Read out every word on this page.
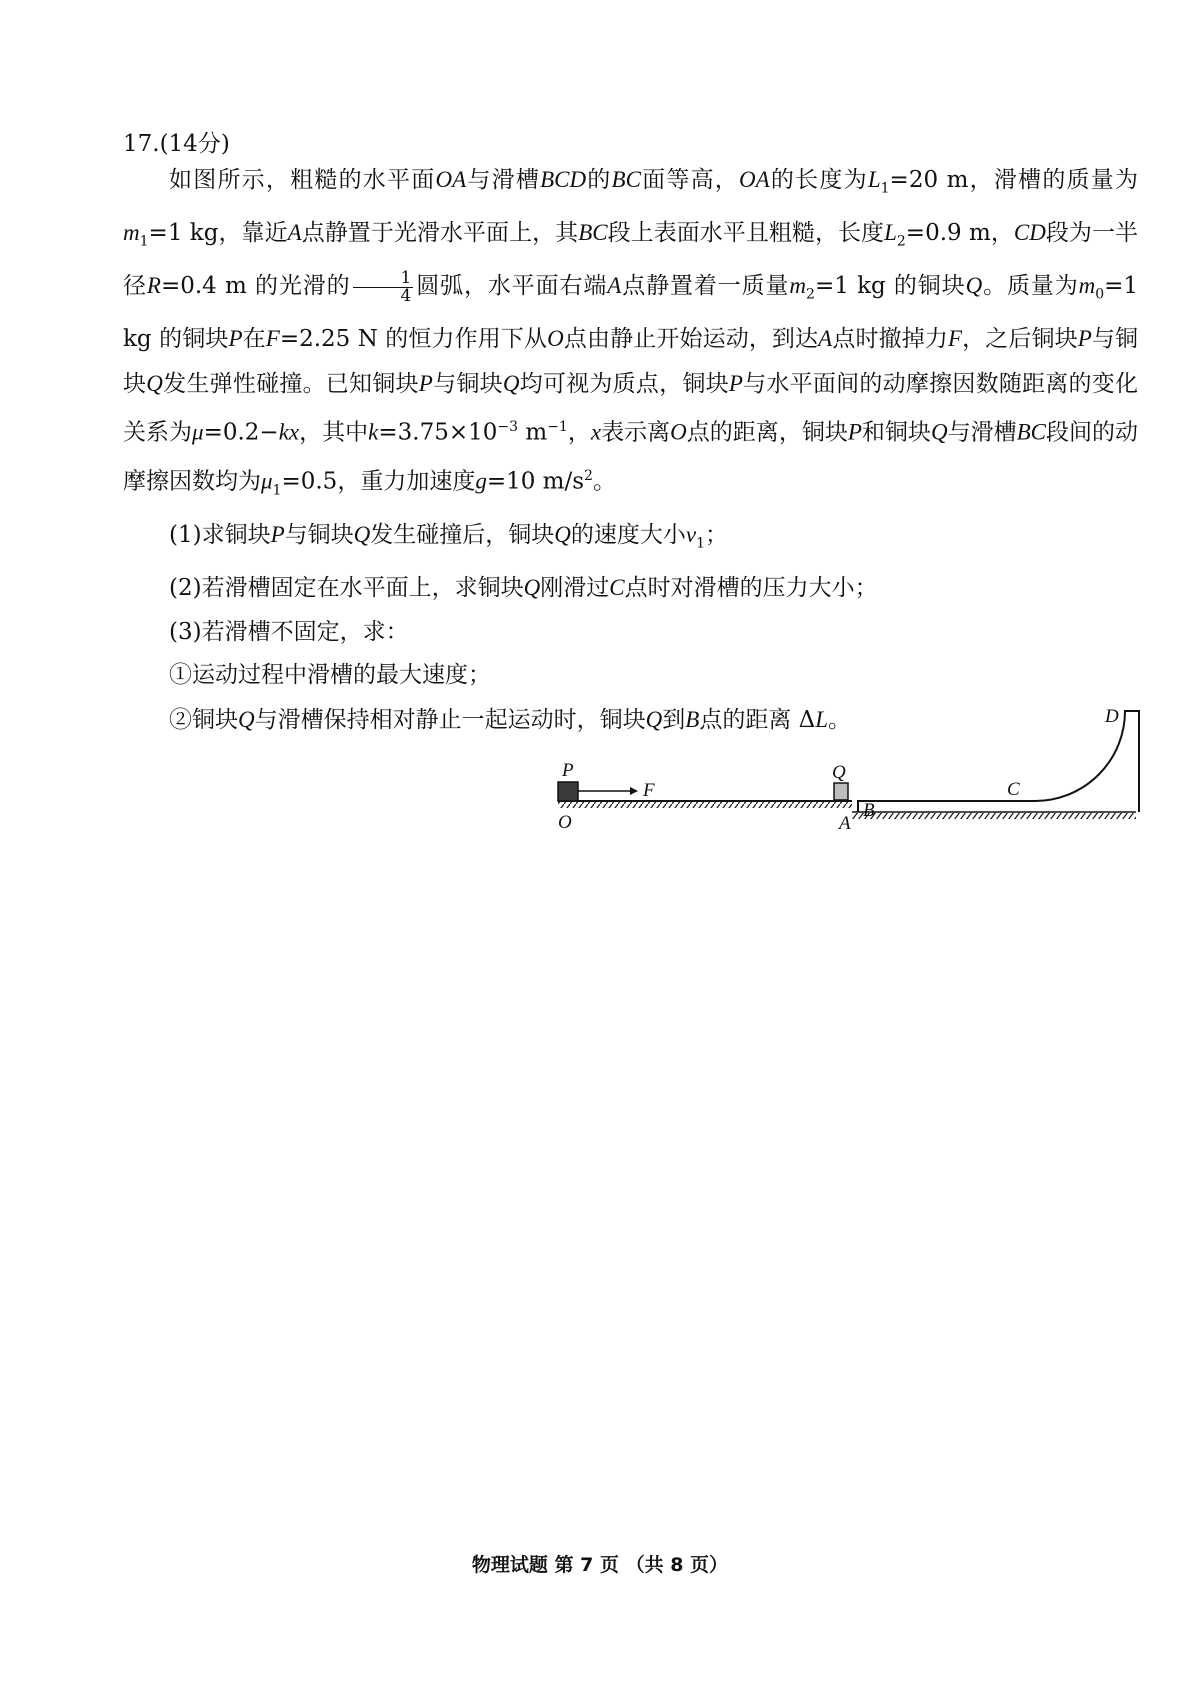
17.(14分)
如图所示，粗糙的水平面OA与滑槽BCD的BC面等高，OA的长度为$L_1=20$ m，滑槽的质量为$m_1=1$ kg，靠近A点静置于光滑水平面上，其BC段上表面水平且粗糙，长度$L_2=0.9$ m，CD段为一半径R=0.4 m 的光滑的 $\frac{1}{4}$ 圆弧，水平面右端A点静置着一质量$m_2=1$ kg 的铜块Q。质量为$m_0=1$ kg 的铜块P在F=2.25 N 的恒力作用下从O点由静止开始运动，到达A点时撤掉力F，之后铜块P与铜块Q发生弹性碰撞。已知铜块P与铜块Q均可视为质点，铜块P与水平面间的动摩擦因数随距离的变化关系为μ=0.2−kx，其中$k=3.75\times 10^{-3}$ $m^{-1}$，x表示离O点的距离，铜块P和铜块Q与滑槽BC段间的动摩擦因数均为$\mu_1=0.5$，重力加速度g=10 $m/s^2$。
(1)求铜块P与铜块Q发生碰撞后，铜块Q的速度大小$v_1$；
(2)若滑槽固定在水平面上，求铜块Q刚滑过C点时对滑槽的压力大小；
(3)若滑槽不固定，求：
①运动过程中滑槽的最大速度；
②铜块Q与滑槽保持相对静止一起运动时，铜块Q到B点的距离 ΔL。
P
F
O
Q
A
B
C
D
物理试题 第 7 页 （共 8 页）
